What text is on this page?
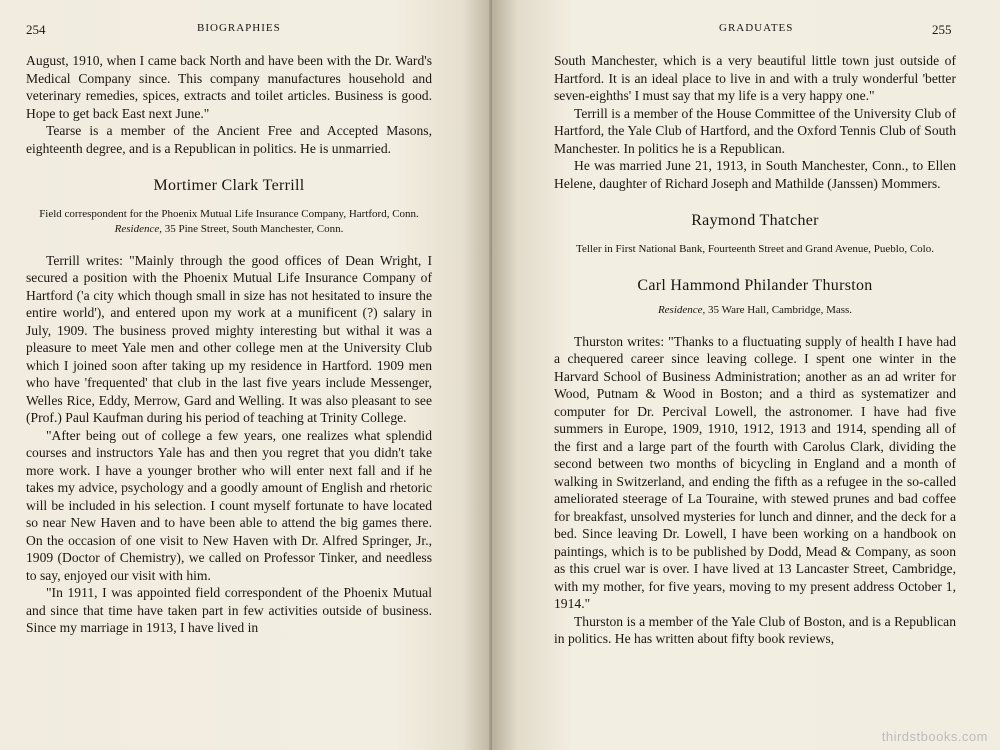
254	BIOGRAPHIES

August, 1910, when I came back North and have been with the Dr. Ward's Medical Company since. This company manufactures household and veterinary remedies, spices, extracts and toilet articles. Business is good. Hope to get back East next June."

Tearse is a member of the Ancient Free and Accepted Masons, eighteenth degree, and is a Republican in politics. He is unmarried.

Mortimer Clark Terrill

Field correspondent for the Phoenix Mutual Life Insurance Company, Hartford, Conn.

Residence, 35 Pine Street, South Manchester, Conn.

Terrill writes: "Mainly through the good offices of Dean Wright, I secured a position with the Phoenix Mutual Life Insurance Company of Hartford ('a city which though small in size has not hesitated to insure the entire world'), and entered upon my work at a munificent (?) salary in July, 1909. The business proved mighty interesting but withal it was a pleasure to meet Yale men and other college men at the University Club which I joined soon after taking up my residence in Hartford. 1909 men who have 'frequented' that club in the last five years include Messenger, Welles Rice, Eddy, Merrow, Gard and Welling. It was also pleasant to see (Prof.) Paul Kaufman during his period of teaching at Trinity College.

"After being out of college a few years, one realizes what splendid courses and instructors Yale has and then you regret that you didn't take more work. I have a younger brother who will enter next fall and if he takes my advice, psychology and a goodly amount of English and rhetoric will be included in his selection. I count myself fortunate to have located so near New Haven and to have been able to attend the big games there. On the occasion of one visit to New Haven with Dr. Alfred Springer, Jr., 1909 (Doctor of Chemistry), we called on Professor Tinker, and needless to say, enjoyed our visit with him.

"In 1911, I was appointed field correspondent of the Phoenix Mutual and since that time have taken part in few activities outside of business. Since my marriage in 1913, I have lived in

GRADUATES	255

South Manchester, which is a very beautiful little town just outside of Hartford. It is an ideal place to live in and with a truly wonderful 'better seven-eighths' I must say that my life is a very happy one."

Terrill is a member of the House Committee of the University Club of Hartford, the Yale Club of Hartford, and the Oxford Tennis Club of South Manchester. In politics he is a Republican.

He was married June 21, 1913, in South Manchester, Conn., to Ellen Helene, daughter of Richard Joseph and Mathilde (Janssen) Mommers.

Raymond Thatcher

Teller in First National Bank, Fourteenth Street and Grand Avenue, Pueblo, Colo.

Carl Hammond Philander Thurston

Residence, 35 Ware Hall, Cambridge, Mass.

Thurston writes: "Thanks to a fluctuating supply of health I have had a chequered career since leaving college. I spent one winter in the Harvard School of Business Administration; another as an ad writer for Wood, Putnam & Wood in Boston; and a third as systematizer and computer for Dr. Percival Lowell, the astronomer. I have had five summers in Europe, 1909, 1910, 1912, 1913 and 1914, spending all of the first and a large part of the fourth with Carolus Clark, dividing the second between two months of bicycling in England and a month of walking in Switzerland, and ending the fifth as a refugee in the so-called ameliorated steerage of La Touraine, with stewed prunes and bad coffee for breakfast, unsolved mysteries for lunch and dinner, and the deck for a bed. Since leaving Dr. Lowell, I have been working on a handbook on paintings, which is to be published by Dodd, Mead & Company, as soon as this cruel war is over. I have lived at 13 Lancaster Street, Cambridge, with my mother, for five years, moving to my present address October 1, 1914."

Thurston is a member of the Yale Club of Boston, and is a Republican in politics. He has written about fifty book reviews,

thirdstbooks.com
